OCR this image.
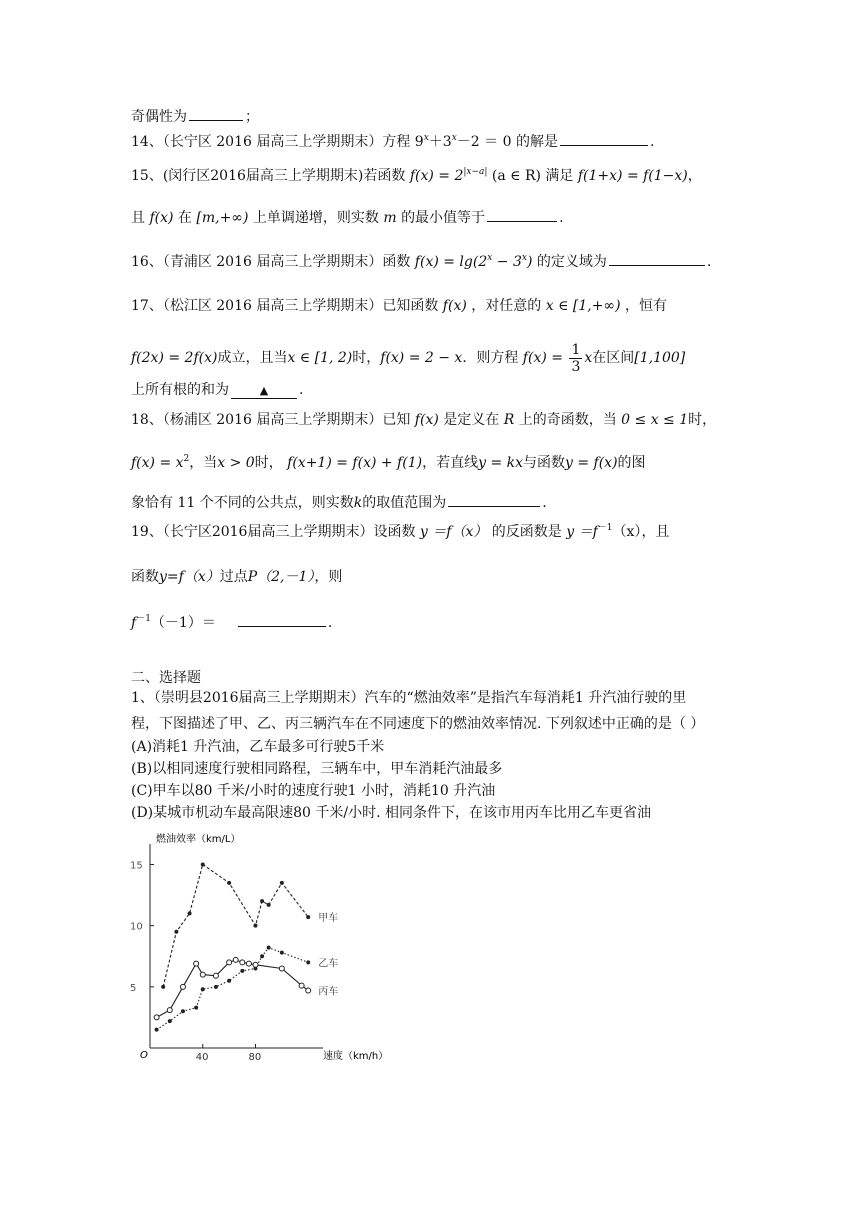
奇偶性为	；
14、（长宁区 2016 届高三上学期期末）方程 $9^x+3^x-2 = 0$ 的解是	.
15、(闵行区2016届高三上学期期末)若函数 $f(x) = 2^{|x-a|}$ (a ∈ R) 满足 f(1+x) = f(1−x)，
且 f(x) 在 [m,+∞) 上单调递增，则实数 m 的最小值等于	.
16、（青浦区 2016 届高三上学期期末）函数 $f(x) = \lg(2^x - 3^x)$ 的定义域为	.
17、（松江区 2016 届高三上学期期末）已知函数 f(x) ，对任意的 x ∈ [1,+∞) ，恒有
f(2x) = 2f(x)成立，且当x ∈ [1, 2)时，f(x) = 2 − x．则方程 $f(x) = \frac{1}{3}$ x在区间[1,100]
上所有根的和为	▲ .
18、（杨浦区 2016 届高三上学期期末）已知 f(x) 是定义在 R 上的奇函数，当 0 ≤ x ≤ 1时，
$f(x) = x^2$，当x > 0时， f(x+1) = f(x) + f(1)，若直线y = kx与函数y = f(x)的图
象恰有 11 个不同的公共点，则实数k的取值范围为	.
19、（长宁区2016届高三上学期期末）设函数 y ＝f（x） 的反函数是 $y =f^{-1}(x)$，且
函数y=f（x）过点P（2,－1），则
$f^{-1}(-1)=$	.
二、选择题
1、（崇明县2016届高三上学期期末）汽车的“燃油效率”是指汽车每消耗1 升汽油行驶的里
程，下图描述了甲、乙、丙三辆汽车在不同速度下的燃油效率情况. 下列叙述中正确的是（ ）
(A)消耗1 升汽油，乙车最多可行驶5千米
(B)以相同速度行驶相同路程，三辆车中，甲车消耗汽油最多
(C)甲车以80 千米/小时的速度行驶1 小时，消耗10 升汽油
(D)某城市机动车最高限速80 千米/小时. 相同条件下，在该市用丙车比用乙车更省油
燃油效率（km/L）
速度（km/h）
O	40	80
5
10
15
甲车
乙车
丙车
